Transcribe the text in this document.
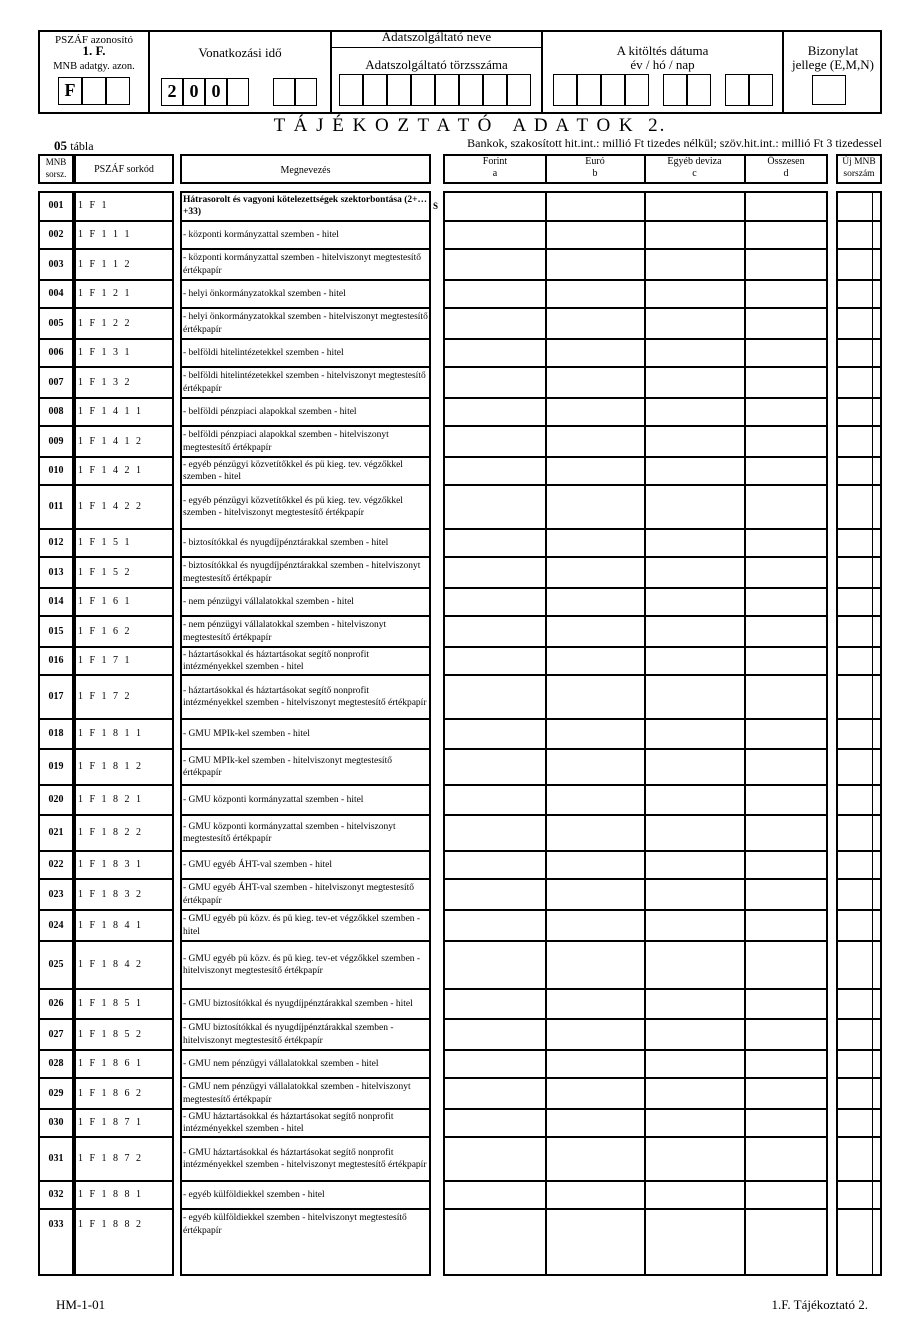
PSZÁF azonosító
1. F.
MNB adatgy. azon.
F
Vonatkozási idő
2 0 0
Adatszolgáltató neve
Adatszolgáltató törzsszáma
A kitöltés dátuma
év / hó / nap
Bizonylat
jellege (E,M,N)
T Á J É K O Z T A T Ó   A D A T O K  2.
05 tábla	Bankok, szakosított hit.int.: millió Ft tizedes nélkül; szöv.hit.int.: millió Ft 3 tizedessel
MNB sorsz.	PSZÁF sorkód	Megnevezés
Forint
a
Euró
b
Egyéb deviza
c
Összesen
d
Új MNB sorszám
S
001	1 F 1
Hátrasorolt és vagyoni kötelezettségek szektorbontása (2+…+33)
002	1 F 1 1 1	- központi kormányzattal szemben - hitel
003	1 F 1 1 2
- központi kormányzattal szemben - hitelviszonyt megtestesítő értékpapír
004	1 F 1 2 1	- helyi önkormányzatokkal szemben - hitel
005	1 F 1 2 2
- helyi önkormányzatokkal szemben - hitelviszonyt megtestesítő értékpapír
006	1 F 1 3 1	- belföldi hitelintézetekkel szemben - hitel
007	1 F 1 3 2
- belföldi hitelintézetekkel szemben - hitelviszonyt megtestesítő értékpapír
008	1 F 1 4 1 1	- belföldi pénzpiaci alapokkal szemben - hitel
009	1 F 1 4 1 2
- belföldi pénzpiaci alapokkal szemben - hitelviszonyt megtestesítő értékpapír
010	1 F 1 4 2 1
- egyéb pénzügyi közvetítőkkel és pü kieg. tev. végzőkkel szemben - hitel
011	1 F 1 4 2 2
- egyéb pénzügyi közvetítőkkel és pü kieg. tev. végzőkkel szemben - hitelviszonyt megtestesítő értékpapír
012	1 F 1 5 1	- biztosítókkal és nyugdíjpénztárakkal szemben - hitel
013	1 F 1 5 2
- biztosítókkal és nyugdíjpénztárakkal szemben - hitelviszonyt megtestesítő értékpapír
014	1 F 1 6 1	- nem pénzügyi vállalatokkal szemben - hitel
015	1 F 1 6 2
- nem pénzügyi vállalatokkal szemben - hitelviszonyt megtestesítő értékpapír
016	1 F 1 7 1
- háztartásokkal és háztartásokat segítő nonprofit intézményekkel szemben - hitel
017	1 F 1 7 2
- háztartásokkal és háztartásokat segítő nonprofit intézményekkel szemben - hitelviszonyt megtestesítő értékpapír
018	1 F 1 8 1 1	- GMU MPIk-kel szemben - hitel
019	1 F 1 8 1 2
- GMU MPIk-kel szemben - hitelviszonyt megtestesítő értékpapír
020	1 F 1 8 2 1	- GMU központi kormányzattal szemben - hitel
021	1 F 1 8 2 2
- GMU központi kormányzattal szemben - hitelviszonyt megtestesítő értékpapír
022	1 F 1 8 3 1	- GMU egyéb ÁHT-val szemben - hitel
023	1 F 1 8 3 2
- GMU egyéb ÁHT-val szemben - hitelviszonyt megtestesítő értékpapír
024	1 F 1 8 4 1
- GMU egyéb pü közv. és pü kieg. tev-et végzőkkel szemben - hitel
025	1 F 1 8 4 2
- GMU egyéb pü közv. és pü kieg. tev-et végzőkkel szemben - hitelviszonyt megtestesítő értékpapír
026	1 F 1 8 5 1	- GMU biztosítókkal és nyugdíjpénztárakkal szemben - hitel
027	1 F 1 8 5 2
- GMU biztosítókkal és nyugdíjpénztárakkal szemben - hitelviszonyt megtestesítő értékpapír
028	1 F 1 8 6 1	- GMU nem pénzügyi vállalatokkal szemben - hitel
029	1 F 1 8 6 2
- GMU nem pénzügyi vállalatokkal szemben - hitelviszonyt megtestesítő értékpapír
030	1 F 1 8 7 1
- GMU háztartásokkal és háztartásokat segítő nonprofit intézményekkel szemben - hitel
031	1 F 1 8 7 2
- GMU háztartásokkal és háztartásokat segítő nonprofit intézményekkel szemben - hitelviszonyt megtestesítő értékpapír
032	1 F 1 8 8 1	- egyéb külföldiekkel szemben - hitel
033	1 F 1 8 8 2
- egyéb külföldiekkel szemben - hitelviszonyt megtestesítő értékpapír
HM-1-01	1.F. Tájékoztató 2.
